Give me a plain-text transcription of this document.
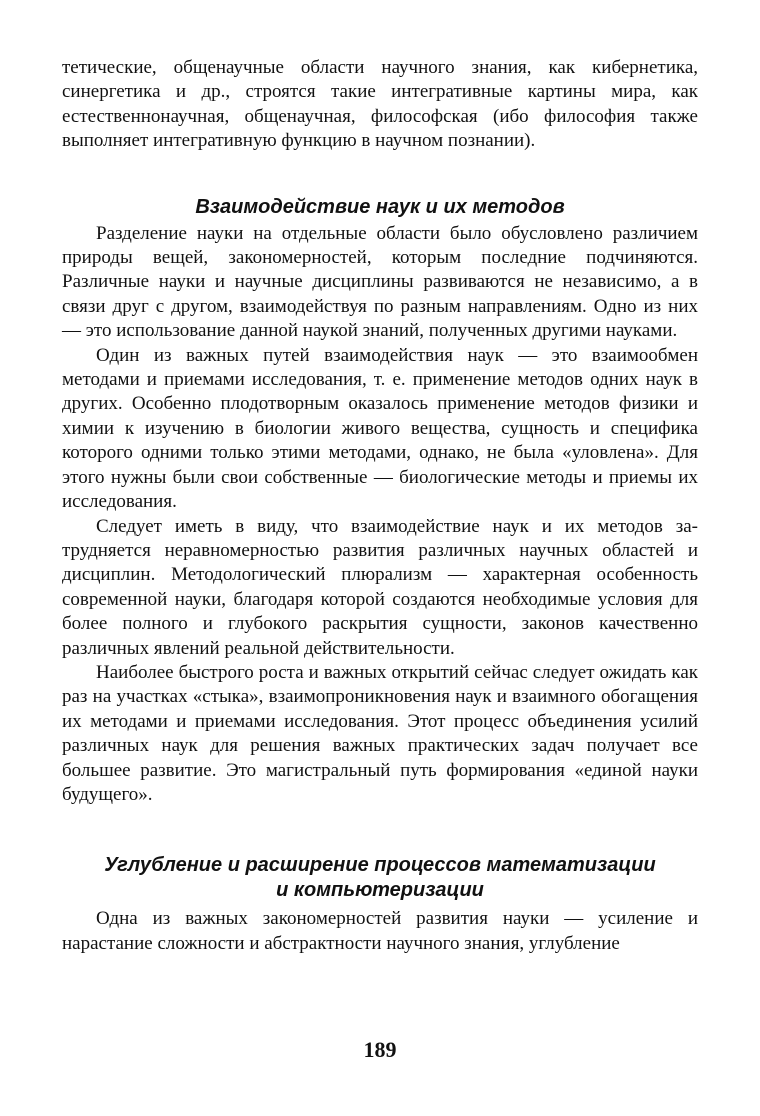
тетические, общенаучные области научного знания, как кибернетика, синергетика и др., строятся такие интегративные картины мира, как естественнонаучная, общенаучная, философская (ибо философия также выполняет интегративную функцию в научном познании).

Взаимодействие наук и их методов

Разделение науки на отдельные области было обусловлено различием природы вещей, закономерностей, которым последние подчиняются. Различные науки и научные дисциплины развиваются не независимо, а в связи друг с другом, взаимодействуя по разным направлениям. Одно из них — это использование данной наукой знаний, полученных другими науками.

Один из важных путей взаимодействия наук — это взаимообмен методами и приемами исследования, т. е. применение методов одних наук в других. Особенно плодотворным оказалось применение методов физики и химии к изучению в биологии живого вещества, сущность и специфика которого одними только этими методами, однако, не была «уловлена». Для этого нужны были свои собственные — биологические методы и приемы их исследования.

Следует иметь в виду, что взаимодействие наук и их методов затрудняется неравномерностью развития различных научных областей и дисциплин. Методологический плюрализм — характерная особенность современной науки, благодаря которой создаются необходимые условия для более полного и глубокого раскрытия сущности, законов качественно различных явлений реальной действительности.

Наиболее быстрого роста и важных открытий сейчас следует ожидать как раз на участках «стыка», взаимопроникновения наук и взаимного обогащения их методами и приемами исследования. Этот процесс объединения усилий различных наук для решения важных практических задач получает все большее развитие. Это магистральный путь формирования «единой науки будущего».

Углубление и расширение процессов математизации
и компьютеризации

Одна из важных закономерностей развития науки — усиление и нарастание сложности и абстрактности научного знания, углубление

189
